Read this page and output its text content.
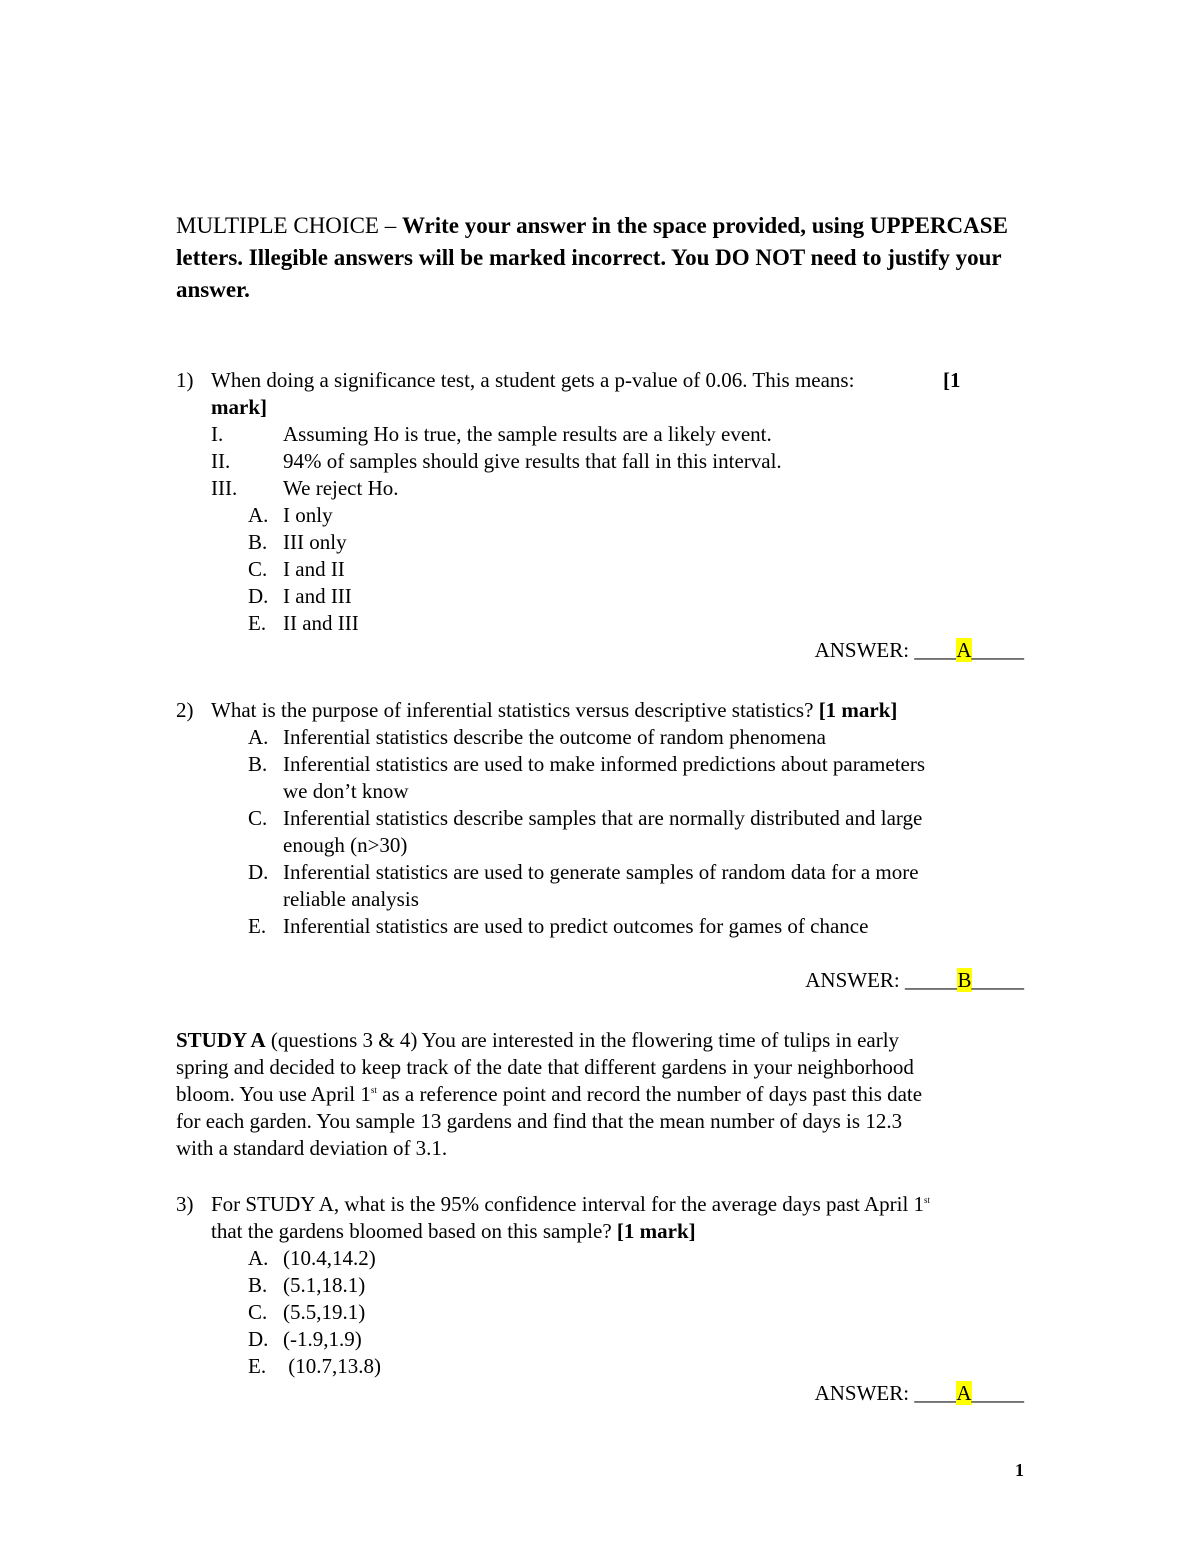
MULTIPLE CHOICE – Write your answer in the space provided, using UPPERCASE letters. Illegible answers will be marked incorrect. You DO NOT need to justify your answer.
1) When doing a significance test, a student gets a p-value of 0.06. This means:	[1
mark]
I.	Assuming Ho is true, the sample results are a likely event.
II.	94% of samples should give results that fall in this interval.
III. We reject Ho.
A. I only
B. III only
C. I and II
D. I and III
E. II and III
ANSWER: ____A_____
2) What is the purpose of inferential statistics versus descriptive statistics? [1 mark]
A. Inferential statistics describe the outcome of random phenomena
B. Inferential statistics are used to make informed predictions about parameters
we don’t know
C. Inferential statistics describe samples that are normally distributed and large
enough (n>30)
D. Inferential statistics are used to generate samples of random data for a more
reliable analysis
E. Inferential statistics are used to predict outcomes for games of chance
ANSWER: _____B_____
STUDY A (questions 3 & 4) You are interested in the flowering time of tulips in early
spring and decided to keep track of the date that different gardens in your neighborhood
bloom. You use April 1st as a reference point and record the number of days past this date
for each garden. You sample 13 gardens and find that the mean number of days is 12.3
with a standard deviation of 3.1.
3) For STUDY A, what is the 95% confidence interval for the average days past April 1st
that the gardens bloomed based on this sample? [1 mark]
A. (10.4,14.2)
B. (5.1,18.1)
C. (5.5,19.1)
D. (-1.9,1.9)
E. (10.7,13.8)
ANSWER: ____A_____
1
